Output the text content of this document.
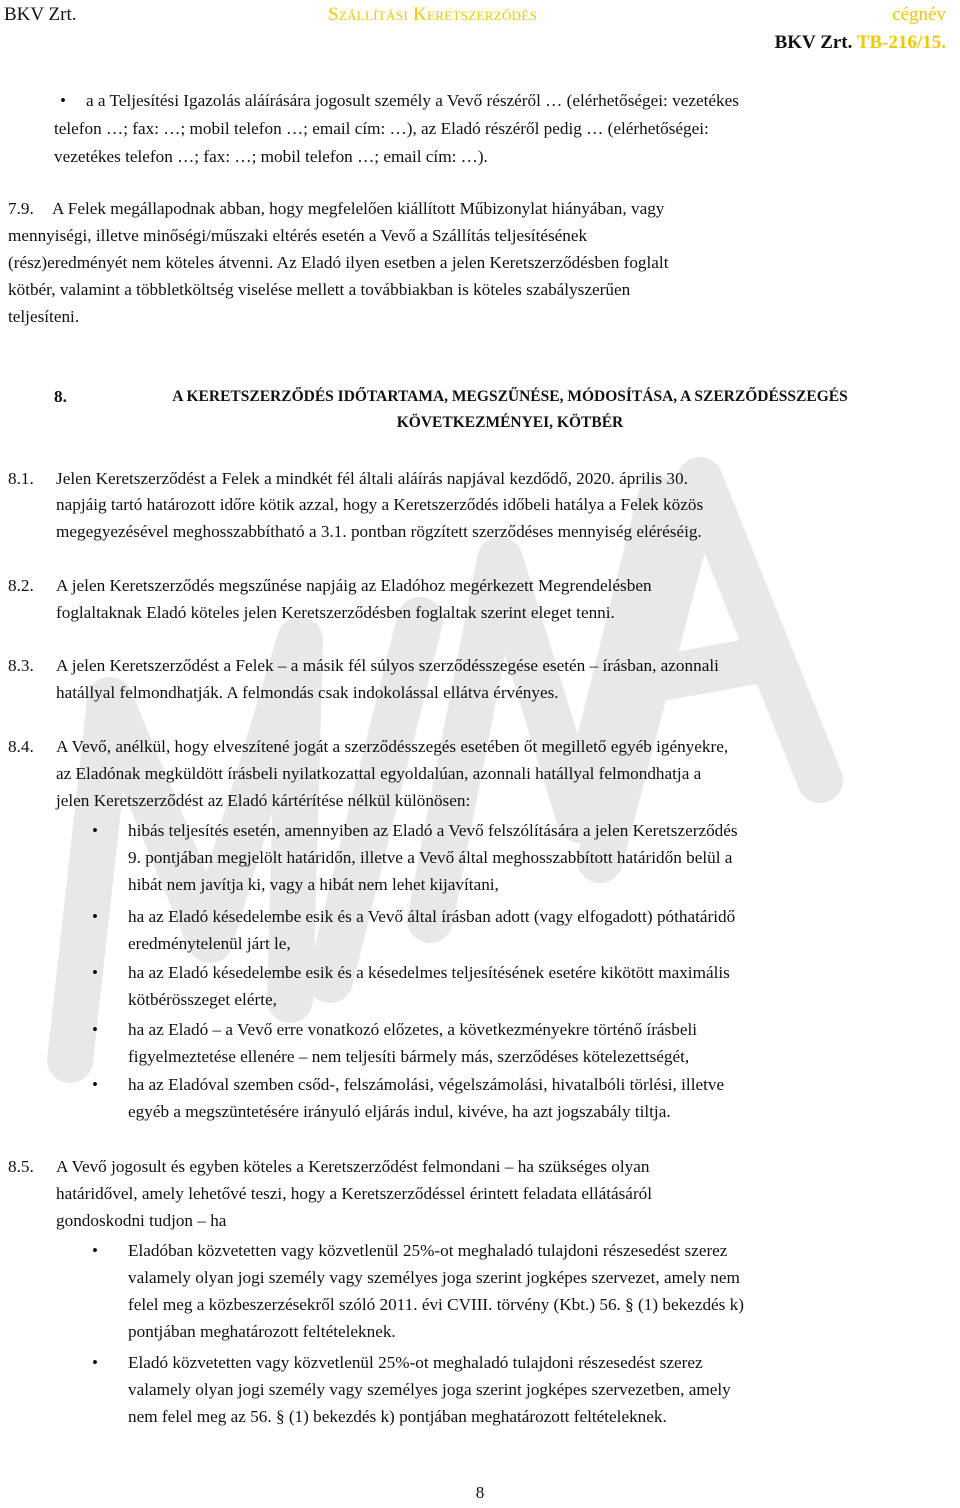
BKV Zrt.	Szállítási Keretszerződés	cégnév
BKV Zrt. TB-216/15.
• a a Teljesítési Igazolás aláírására jogosult személy a Vevő részéről … (elérhetőségei: vezetékes
telefon …; fax: …; mobil telefon …; email cím: …), az Eladó részéről pedig … (elérhetőségei:
vezetékes telefon …; fax: …; mobil telefon …; email cím: …).
7.9. A Felek megállapodnak abban, hogy megfelelően kiállított Műbizonylat hiányában, vagy
mennyiségi, illetve minőségi/műszaki eltérés esetén a Vevő a Szállítás teljesítésének
(rész)eredményét nem köteles átvenni. Az Eladó ilyen esetben a jelen Keretszerződésben foglalt
kötbér, valamint a többletköltség viselése mellett a továbbiakban is köteles szabályszerűen
teljesíteni.
8.	A KERETSZERZŐDÉS IDŐTARTAMA, MEGSZŰNÉSE, MÓDOSÍTÁSA, A SZERZŐDÉSSZEGÉS
KÖVETKEZMÉNYEI, KÖTBÉR
8.1. Jelen Keretszerződést a Felek a mindkét fél általi aláírás napjával kezdődő, 2020. április 30.
napjáig tartó határozott időre kötik azzal, hogy a Keretszerződés időbeli hatálya a Felek közös
megegyezésével meghosszabbítható a 3.1. pontban rögzített szerződéses mennyiség eléréséig.
8.2. A jelen Keretszerződés megszűnése napjáig az Eladóhoz megérkezett Megrendelésben
foglaltaknak Eladó köteles jelen Keretszerződésben foglaltak szerint eleget tenni.
8.3. A jelen Keretszerződést a Felek – a másik fél súlyos szerződésszegése esetén – írásban, azonnali
hatállyal felmondhatják. A felmondás csak indokolással ellátva érvényes.
8.4. A Vevő, anélkül, hogy elveszítené jogát a szerződésszegés esetében őt megillető egyéb igényekre,
az Eladónak megküldött írásbeli nyilatkozattal egyoldalúan, azonnali hatállyal felmondhatja a
jelen Keretszerződést az Eladó kártérítése nélkül különösen:
• hibás teljesítés esetén, amennyiben az Eladó a Vevő felszólítására a jelen Keretszerződés
9. pontjában megjelölt határidőn, illetve a Vevő által meghosszabbított határidőn belül a
hibát nem javítja ki, vagy a hibát nem lehet kijavítani,
• ha az Eladó késedelembe esik és a Vevő által írásban adott (vagy elfogadott) póthatáridő
eredménytelenül járt le,
• ha az Eladó késedelembe esik és a késedelmes teljesítésének esetére kikötött maximális
kötbérösszeget elérte,
• ha az Eladó – a Vevő erre vonatkozó előzetes, a következményekre történő írásbeli
figyelmeztetése ellenére – nem teljesíti bármely más, szerződéses kötelezettségét,
• ha az Eladóval szemben csőd-, felszámolási, végelszámolási, hivatalbóli törlési, illetve
egyéb a megszüntetésére irányuló eljárás indul, kivéve, ha azt jogszabály tiltja.
8.5. A Vevő jogosult és egyben köteles a Keretszerződést felmondani – ha szükséges olyan
határidővel, amely lehetővé teszi, hogy a Keretszerződéssel érintett feladata ellátásáról
gondoskodni tudjon – ha
• Eladóban közvetetten vagy közvetlenül 25%-ot meghaladó tulajdoni részesedést szerez
valamely olyan jogi személy vagy személyes joga szerint jogképes szervezet, amely nem
felel meg a közbeszerzésekről szóló 2011. évi CVIII. törvény (Kbt.) 56. § (1) bekezdés k)
pontjában meghatározott feltételeknek.
• Eladó közvetetten vagy közvetlenül 25%-ot meghaladó tulajdoni részesedést szerez
valamely olyan jogi személy vagy személyes joga szerint jogképes szervezetben, amely
nem felel meg az 56. § (1) bekezdés k) pontjában meghatározott feltételeknek.
8
